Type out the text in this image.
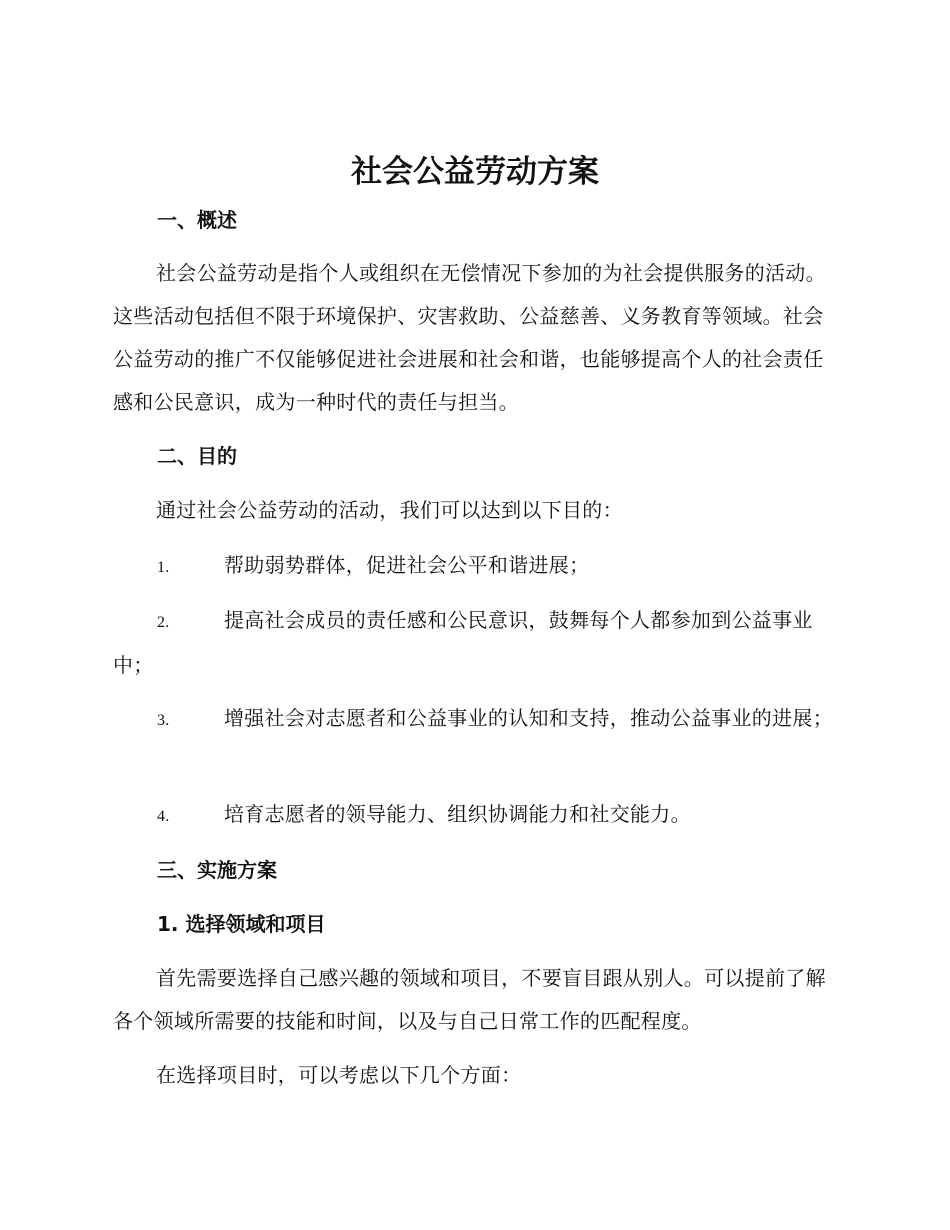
社会公益劳动方案
一、概述

社会公益劳动是指个人或组织在无偿情况下参加的为社会提供服务的活动。这些活动包括但不限于环境保护、灾害救助、公益慈善、义务教育等领域。社会公益劳动的推广不仅能够促进社会进展和社会和谐，也能够提高个人的社会责任感和公民意识，成为一种时代的责任与担当。

二、目的

通过社会公益劳动的活动，我们可以达到以下目的：

1.	帮助弱势群体，促进社会公平和谐进展；

2.	提高社会成员的责任感和公民意识，鼓舞每个人都参加到公益事业中；

3.	增强社会对志愿者和公益事业的认知和支持，推动公益事业的进展；

4.	培育志愿者的领导能力、组织协调能力和社交能力。

三、实施方案
1. 选择领域和项目

首先需要选择自己感兴趣的领域和项目，不要盲目跟从别人。可以提前了解各个领域所需要的技能和时间，以及与自己日常工作的匹配程度。

在选择项目时，可以考虑以下几个方面：
